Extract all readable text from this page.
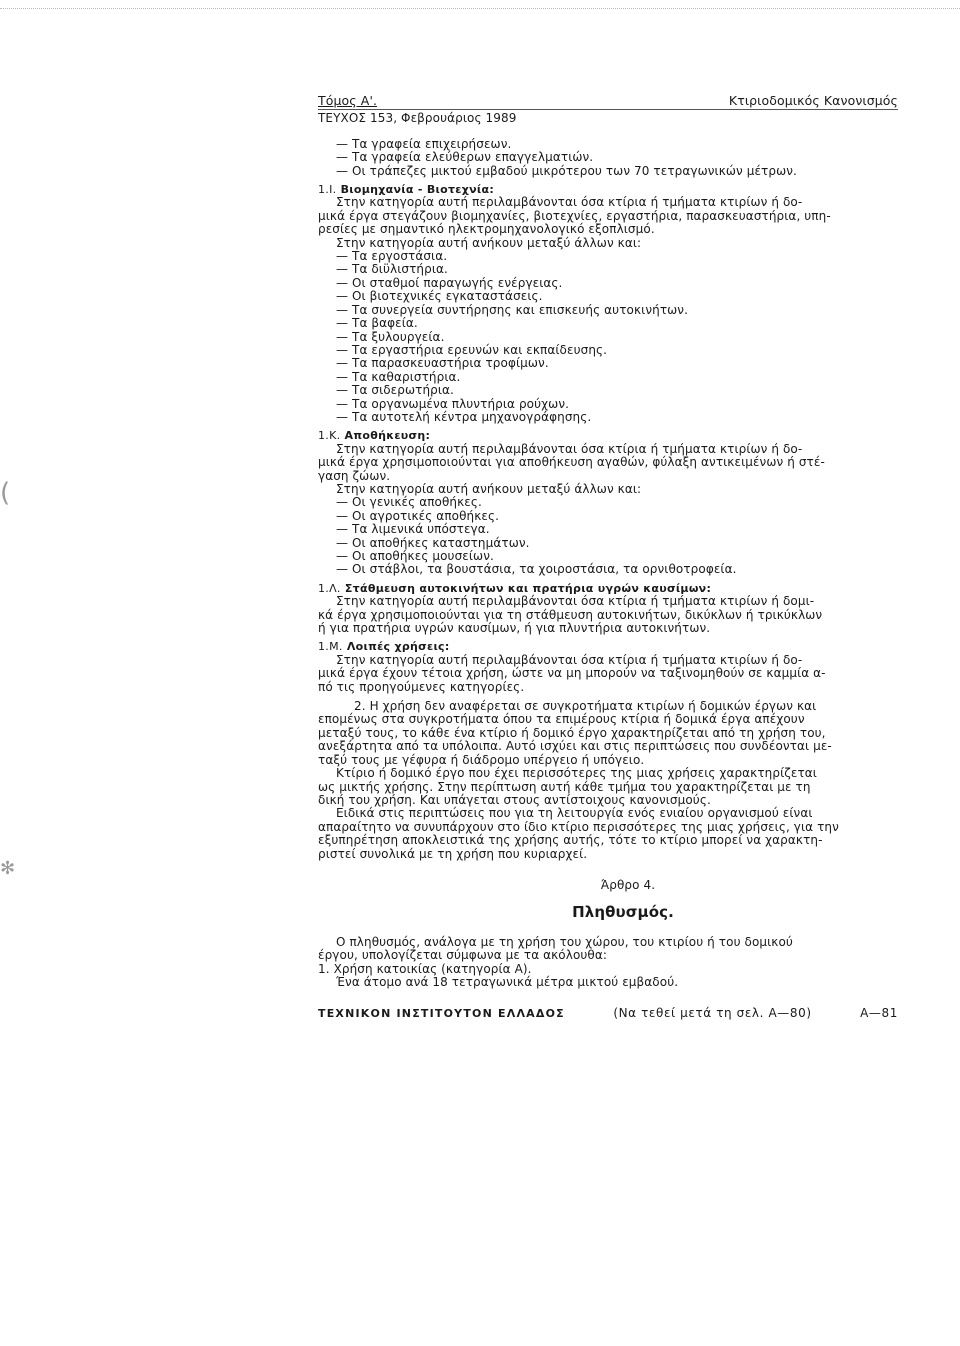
(
✻
Τόμος Α'.	Κτιριοδομικός Κανονισμός
ΤΕΥΧΟΣ 153, Φεβρουάριος 1989
— Τα γραφεία επιχειρήσεων.
— Τα γραφεία ελεύθερων επαγγελματιών.
— Οι τράπεζες μικτού εμβαδού μικρότερου των 70 τετραγωνικών μέτρων.
1.Ι. Βιομηχανία - Βιοτεχνία:
Στην κατηγορία αυτή περιλαμβάνονται όσα κτίρια ή τμήματα κτιρίων ή δο-
μικά έργα στεγάζουν βιομηχανίες, βιοτεχνίες, εργαστήρια, παρασκευαστήρια, υπη-
ρεσίες με σημαντικό ηλεκτρομηχανολογικό εξοπλισμό.
Στην κατηγορία αυτή ανήκουν μεταξύ άλλων και:
— Τα εργοστάσια.
— Τα διϋλιστήρια.
— Οι σταθμοί παραγωγής ενέργειας.
— Οι βιοτεχνικές εγκαταστάσεις.
— Τα συνεργεία συντήρησης και επισκευής αυτοκινήτων.
— Τα βαφεία.
— Τα ξυλουργεία.
— Τα εργαστήρια ερευνών και εκπαίδευσης.
— Τα παρασκευαστήρια τροφίμων.
— Τα καθαριστήρια.
— Τα σιδερωτήρια.
— Τα οργανωμένα πλυντήρια ρούχων.
— Τα αυτοτελή κέντρα μηχανογράφησης.
1.Κ. Αποθήκευση:
Στην κατηγορία αυτή περιλαμβάνονται όσα κτίρια ή τμήματα κτιρίων ή δο-
μικά έργα χρησιμοποιούνται για αποθήκευση αγαθών, φύλαξη αντικειμένων ή στέ-
γαση ζώων.
Στην κατηγορία αυτή ανήκουν μεταξύ άλλων και:
— Οι γενικές αποθήκες.
— Οι αγροτικές αποθήκες.
— Τα λιμενικά υπόστεγα.
— Οι αποθήκες καταστημάτων.
— Οι αποθήκες μουσείων.
— Οι στάβλοι, τα βουστάσια, τα χοιροστάσια, τα ορνιθοτροφεία.
1.Λ. Στάθμευση αυτοκινήτων και πρατήρια υγρών καυσίμων:
Στην κατηγορία αυτή περιλαμβάνονται όσα κτίρια ή τμήματα κτιρίων ή δομι-
κά έργα χρησιμοποιούνται για τη στάθμευση αυτοκινήτων, δικύκλων ή τρικύκλων
ή για πρατήρια υγρών καυσίμων, ή για πλυντήρια αυτοκινήτων.
1.Μ. Λοιπές χρήσεις:
Στην κατηγορία αυτή περιλαμβάνονται όσα κτίρια ή τμήματα κτιρίων ή δο-
μικά έργα έχουν τέτοια χρήση, ώστε να μη μπορούν να ταξινομηθούν σε καμμία α-
πό τις προηγούμενες κατηγορίες.
2. Η χρήση δεν αναφέρεται σε συγκροτήματα κτιρίων ή δομικών έργων και
επομένως στα συγκροτήματα όπου τα επιμέρους κτίρια ή δομικά έργα απέχουν
μεταξύ τους, το κάθε ένα κτίριο ή δομικό έργο χαρακτηρίζεται από τη χρήση του,
ανεξάρτητα από τα υπόλοιπα. Αυτό ισχύει και στις περιπτώσεις που συνδέονται με-
ταξύ τους με γέφυρα ή διάδρομο υπέργειο ή υπόγειο.
Κτίριο ή δομικό έργο που έχει περισσότερες της μιας χρήσεις χαρακτηρίζεται
ως μικτής χρήσης. Στην περίπτωση αυτή κάθε τμήμα του χαρακτηρίζεται με τη
δική του χρήση. Και υπάγεται στους αντίστοιχους κανονισμούς.
Ειδικά στις περιπτώσεις που για τη λειτουργία ενός ενιαίου οργανισμού είναι
απαραίτητο να συνυπάρχουν στο ίδιο κτίριο περισσότερες της μιας χρήσεις, για την
εξυπηρέτηση αποκλειστικά της χρήσης αυτής, τότε το κτίριο μπορεί να χαρακτη-
ριστεί συνολικά με τη χρήση που κυριαρχεί.
Άρθρο 4.
Πληθυσμός.
Ο πληθυσμός, ανάλογα με τη χρήση του χώρου, του κτιρίου ή του δομικού
έργου, υπολογίζεται σύμφωνα με τα ακόλουθα:
1. Χρήση κατοικίας (κατηγορία Α).
Ένα άτομο ανά 18 τετραγωνικά μέτρα μικτού εμβαδού.
ΤΕΧΝΙΚΟΝ ΙΝΣΤΙΤΟΥΤΟΝ ΕΛΛΑΔΟΣ	(Να τεθεί μετά τη σελ. Α—80)	Α—81
